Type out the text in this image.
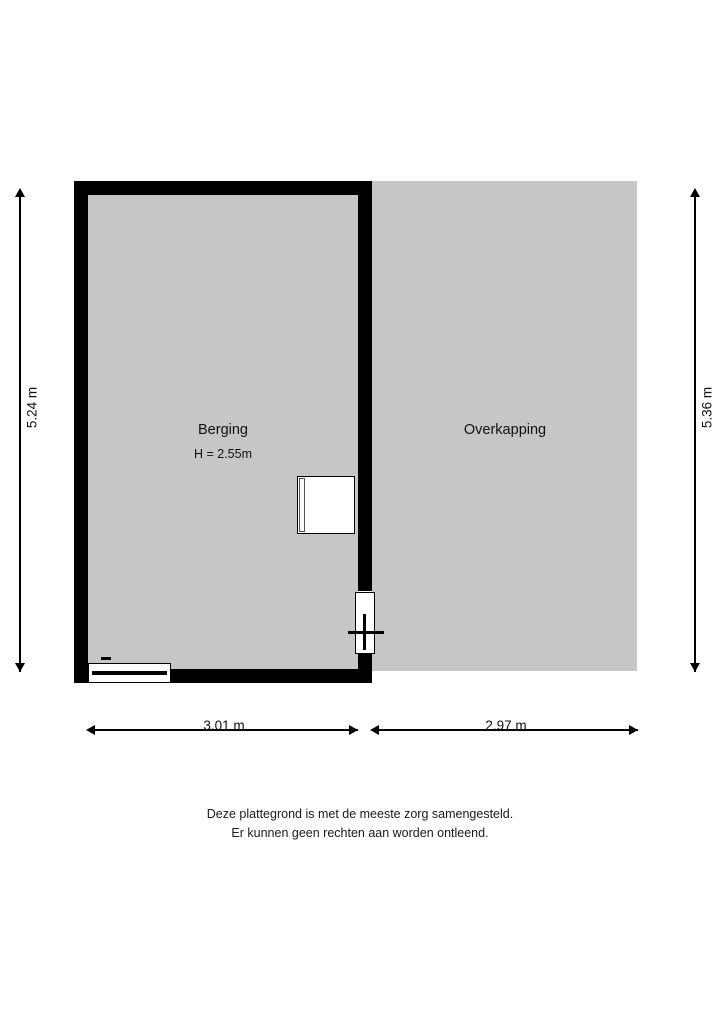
Berging
H = 2.55m
Overkapping
5.24 m	5.36 m
3.01 m	2.97 m
Deze plattegrond is met de meeste zorg samengesteld.
Er kunnen geen rechten aan worden ontleend.
